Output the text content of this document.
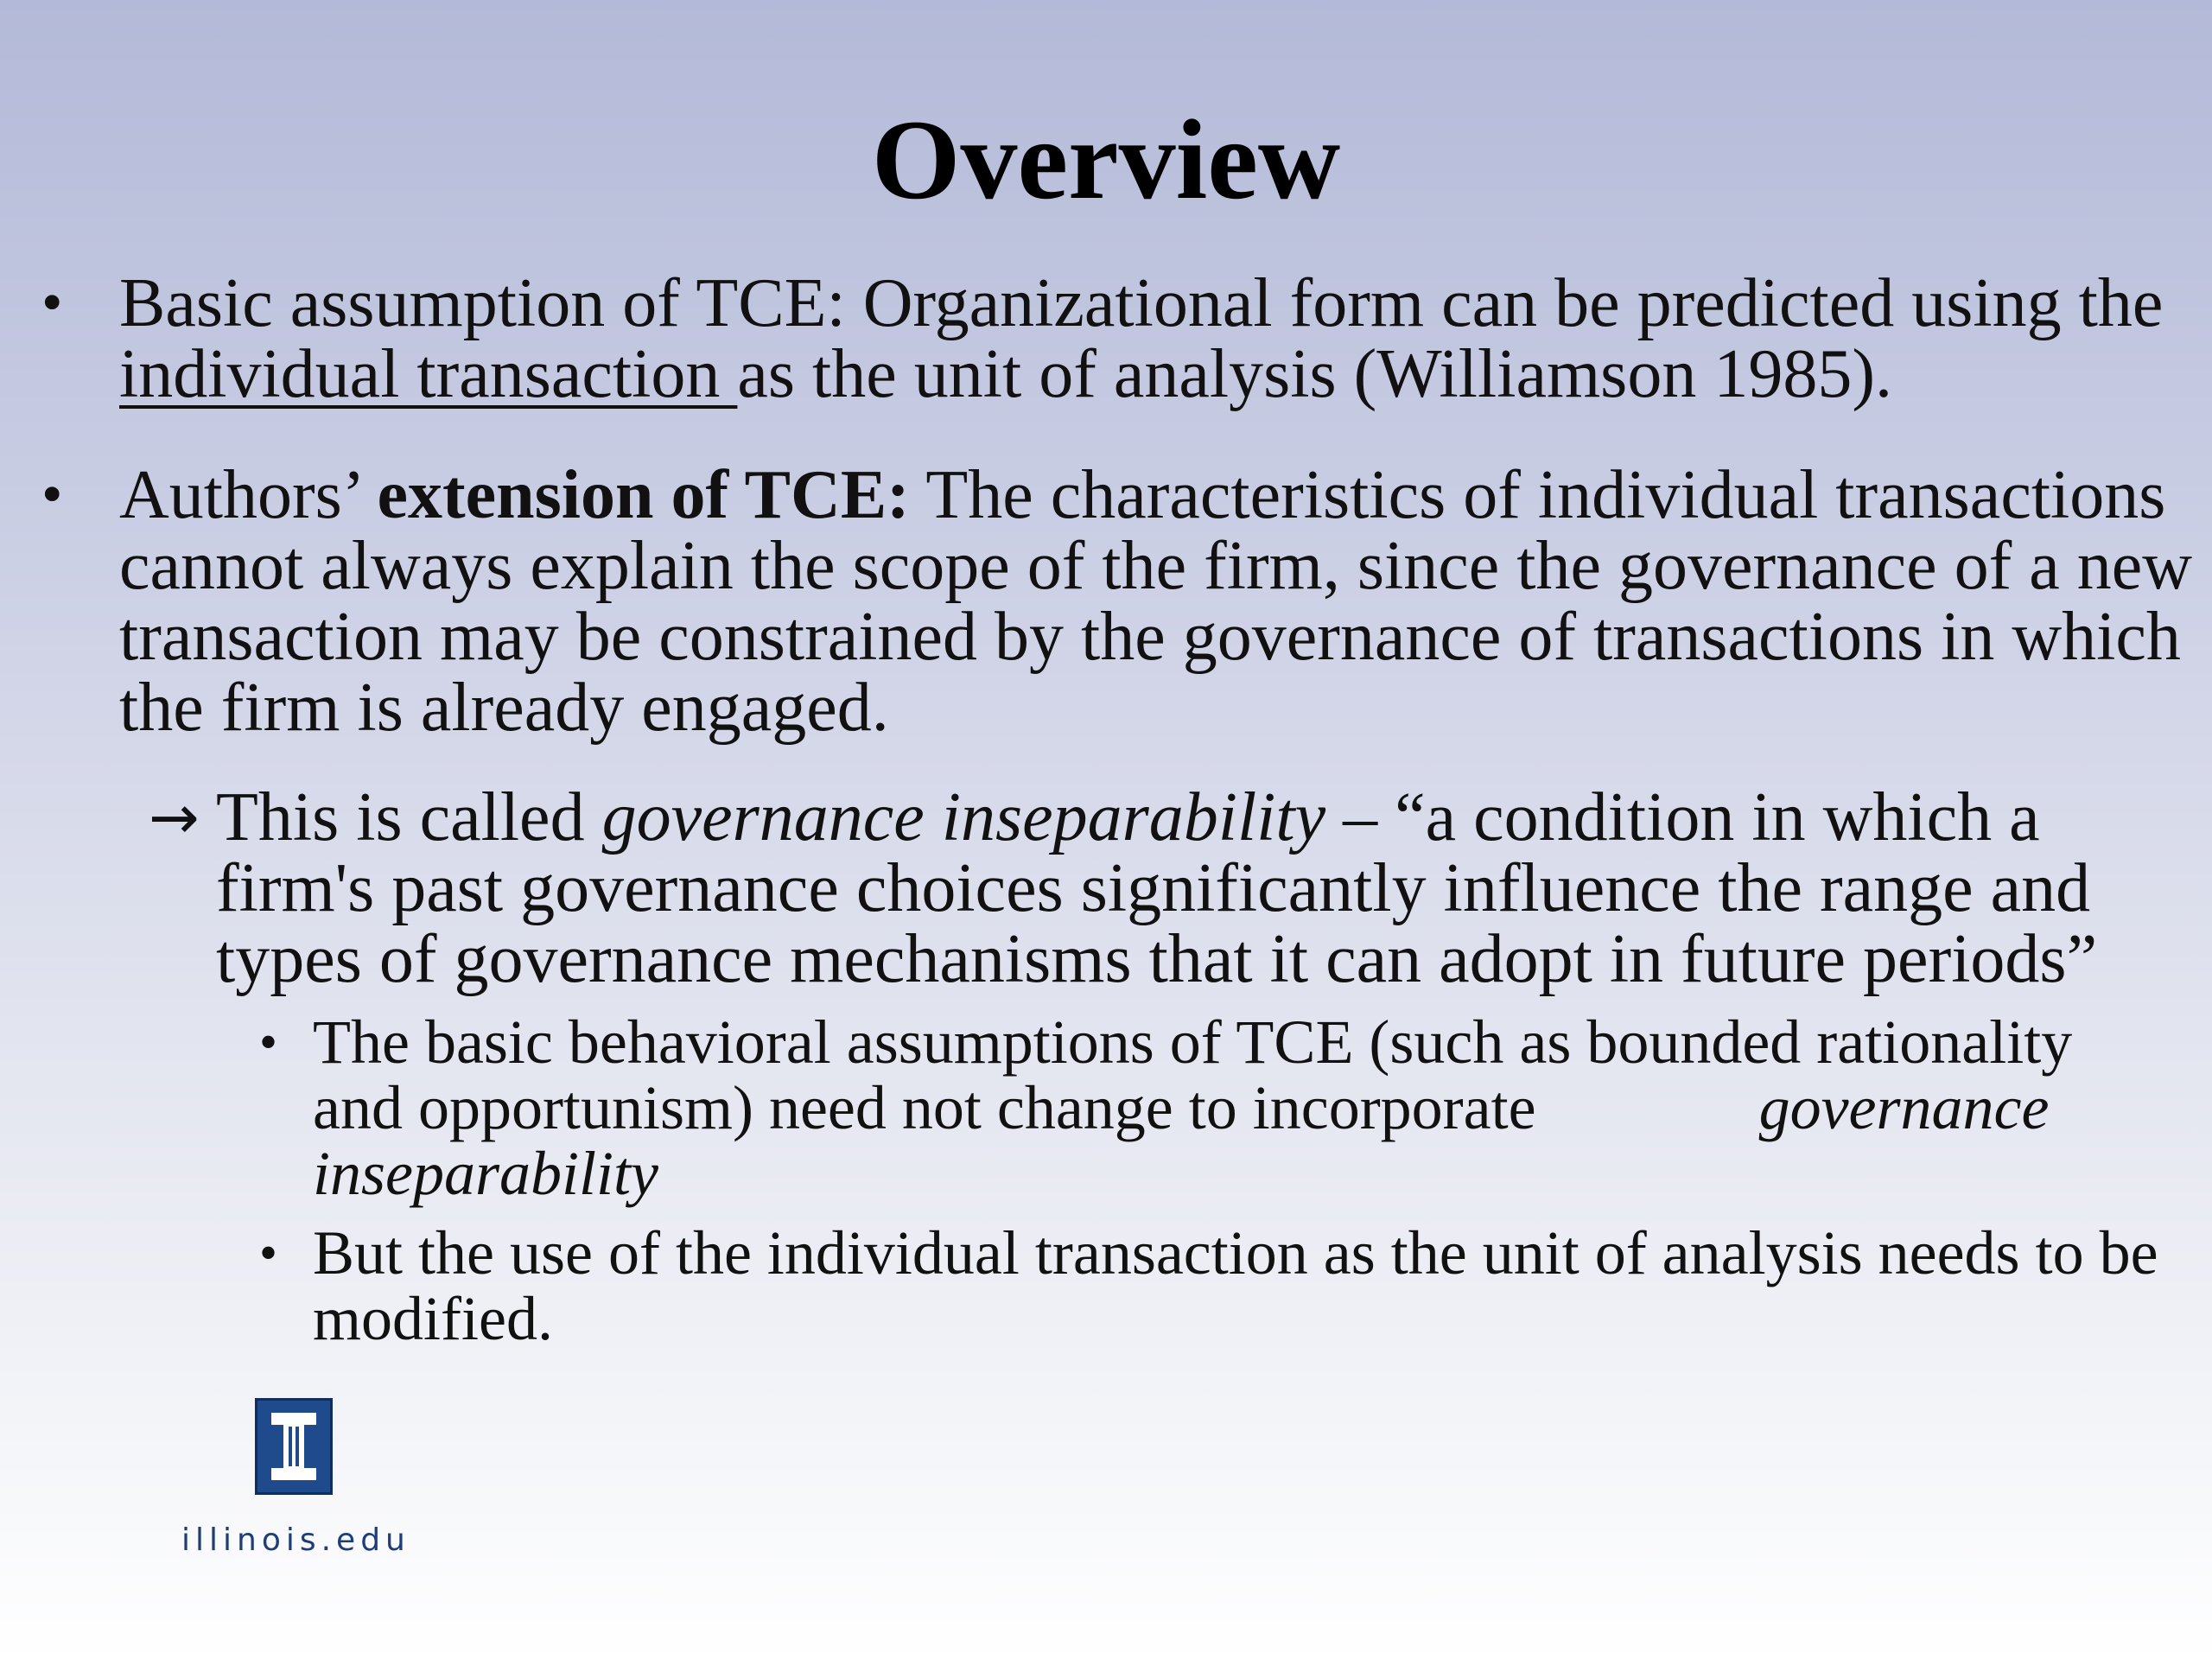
Overview
• Basic assumption of TCE: Organizational form can be predicted using the individual transaction as the unit of analysis (Williamson 1985).
• Authors’ extension of TCE: The characteristics of individual transactions cannot always explain the scope of the firm, since the governance of a new transaction may be constrained by the governance of transactions in which the firm is already engaged.
→ This is called governance inseparability – “a condition in which a firm's past governance choices significantly influence the range and types of governance mechanisms that it can adopt in future periods”
• The basic behavioral assumptions of TCE (such as bounded rationality and opportunism) need not change to incorporate	governance inseparability
• But the use of the individual transaction as the unit of analysis needs to be modified.
illinois.edu
